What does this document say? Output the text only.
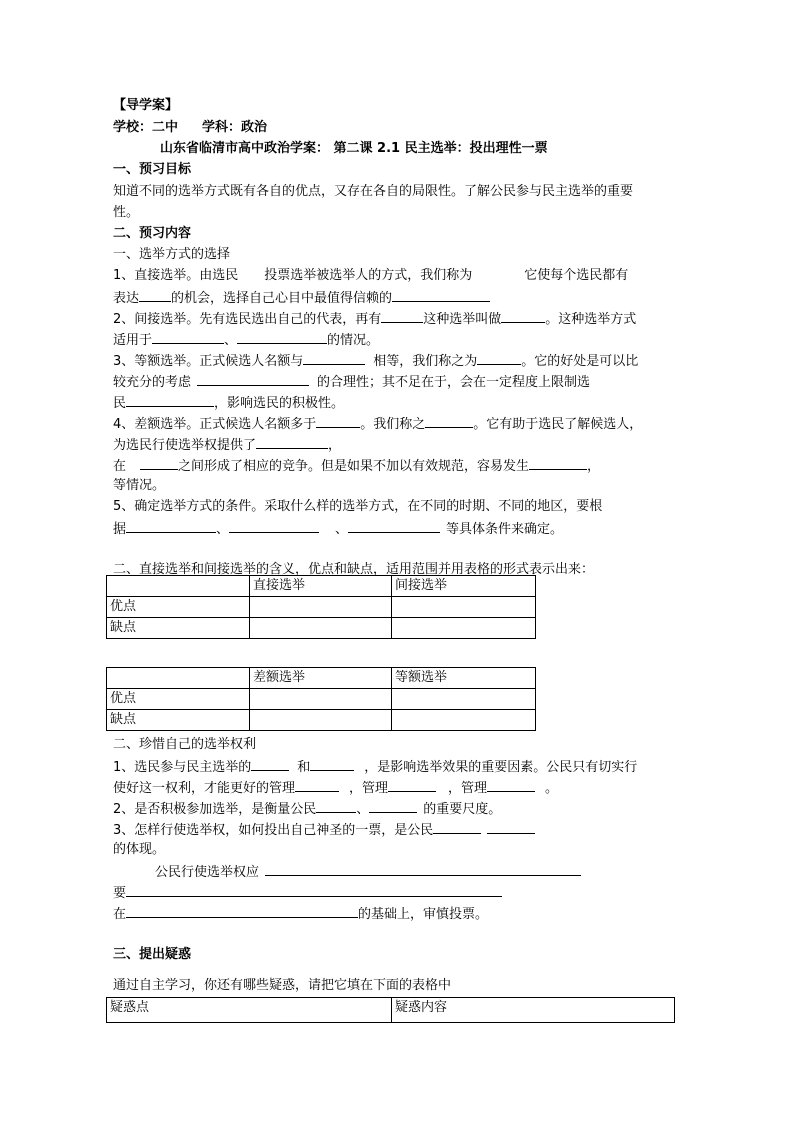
【导学案】
学校：二中 学科：政治
山东省临清市高中政治学案： 第二课 2.1 民主选举：投出理性一票
一、预习目标
知道不同的选举方式既有各自的优点，又存在各自的局限性。了解公民参与民主选举的重要
性。
二、预习内容
一、选举方式的选择
1、直接选举。由选民 投票选举被选举人的方式，我们称为	它使每个选民都有
表达 的机会，选择自己心目中最值得信赖的
2、间接选举。先有选民选出自己的代表，再有	这种选举叫做	。这种选举方式
适用于	、	的情况。
3、等额选举。正式候选人名额与	相等，我们称之为	。它的好处是可以比
较充分的考虑	的合理性；其不足在于，会在一定程度上限制选
民	，影响选民的积极性。
4、差额选举。正式候选人名额多于	。我们称之	。它有助于选民了解候选人，
为选民行使选举权提供了	，
在	之间形成了相应的竞争。但是如果不加以有效规范，容易发生	，
等情况。
5、确定选举方式的条件。采取什么样的选举方式，在不同的时期、不同的地区，要根
据	、	、	等具体条件来确定。
二、直接选举和间接选举的含义，优点和缺点，适用范围并用表格的形式表示出来：
	直接选举	间接选举
优点		
缺点		
	差额选举	等额选举
优点		
缺点		
二、珍惜自己的选举权利
1、选民参与民主选举的	和	，是影响选举效果的重要因素。公民只有切实行
使好这一权利，才能更好的管理	，管理	，管理	。
2、是否积极参加选举，是衡量公民	、	的重要尺度。
3、怎样行使选举权，如何投出自己神圣的一票，是公民
的体现。
公民行使选举权应
要
在	的基础上，审慎投票。
三、提出疑惑
通过自主学习，你还有哪些疑惑，请把它填在下面的表格中
疑惑点	疑惑内容
